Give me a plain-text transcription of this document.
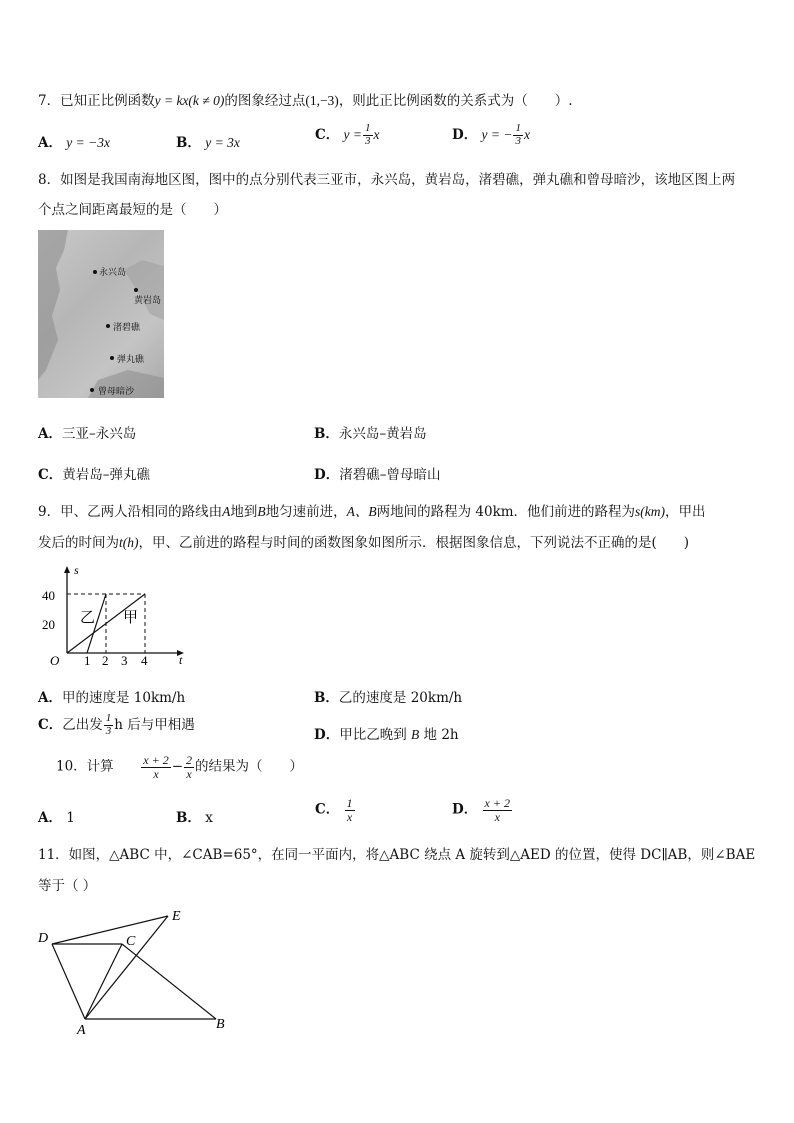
7．已知正比例函数y = kx(k ≠ 0)的图象经过点(1,−3)，则此正比例函数的关系式为（　　）.
A． y = −3x	B． y = 3x	C． $y = \frac{1}{3}$ x	D． y = − $\frac{1}{3}$ x
8．如图是我国南海地区图，图中的点分别代表三亚市，永兴岛，黄岩岛，渚碧礁，弹丸礁和曾母暗沙，该地区图上两
个点之间距离最短的是（　　）
永兴岛
黄岩岛
渚碧礁
弹丸礁
曾母暗沙
A．三亚–永兴岛	B．永兴岛–黄岩岛
C．黄岩岛–弹丸礁	D．渚碧礁–曾母暗山
9．甲、乙两人沿相同的路线由A地到B地匀速前进，A、B两地间的路程为 40km．他们前进的路程为s(km)，甲出
发后的时间为t(h)，甲、乙前进的路程与时间的函数图象如图所示．根据图象信息，下列说法不正确的是(　　)
s
t
O
40
20
1 2 3 4
乙 甲
A．甲的速度是 10km/h	B．乙的速度是 20km/h
C．乙出发 $\frac{1}{3}$ h 后与甲相遇
D．甲比乙晚到 B 地 2h
10．计算 $\frac{x + 2}{x} - \frac{2}{x}$ 的结果为（　　）
A． 1	B． x
C． $\frac{1}{x}$	D． $\frac{x + 2}{x}$
11．如图，△ABC 中，∠CAB=65°，在同一平面内，将△ABC 绕点 A 旋转到△AED 的位置，使得 DC∥AB，则∠BAE
等于（ ）
D	C
E
A	B
